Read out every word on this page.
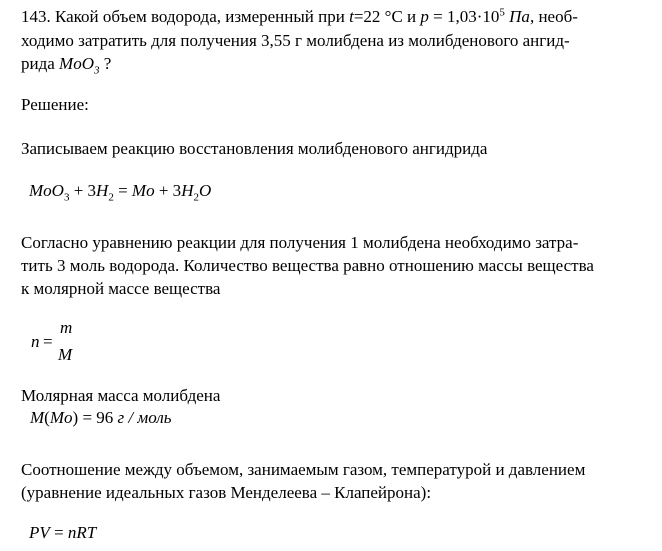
143. Какой объем водорода, измеренный при t=22 °C и $p = 1,03\cdot 10^5$ Па, необ-
ходимо затратить для получения 3,55 г молибдена из молибденового ангид-
рида MoO$_3$ ?
Решение:
Записываем реакцию восстановления молибденового ангидрида
$MoO_3 + 3H_2 = Mo + 3H_2O$
Согласно уравнению реакции для получения 1 молибдена необходимо затра-
тить 3 моль водорода. Количество вещества равно отношению массы вещества
к молярной массе вещества
n =
m
M
Молярная масса молибдена
M(Mo) = 96 г / моль
Соотношение между объемом, занимаемым газом, температурой и давлением
(уравнение идеальных газов Менделеева – Клапейрона):
PV = nRT
